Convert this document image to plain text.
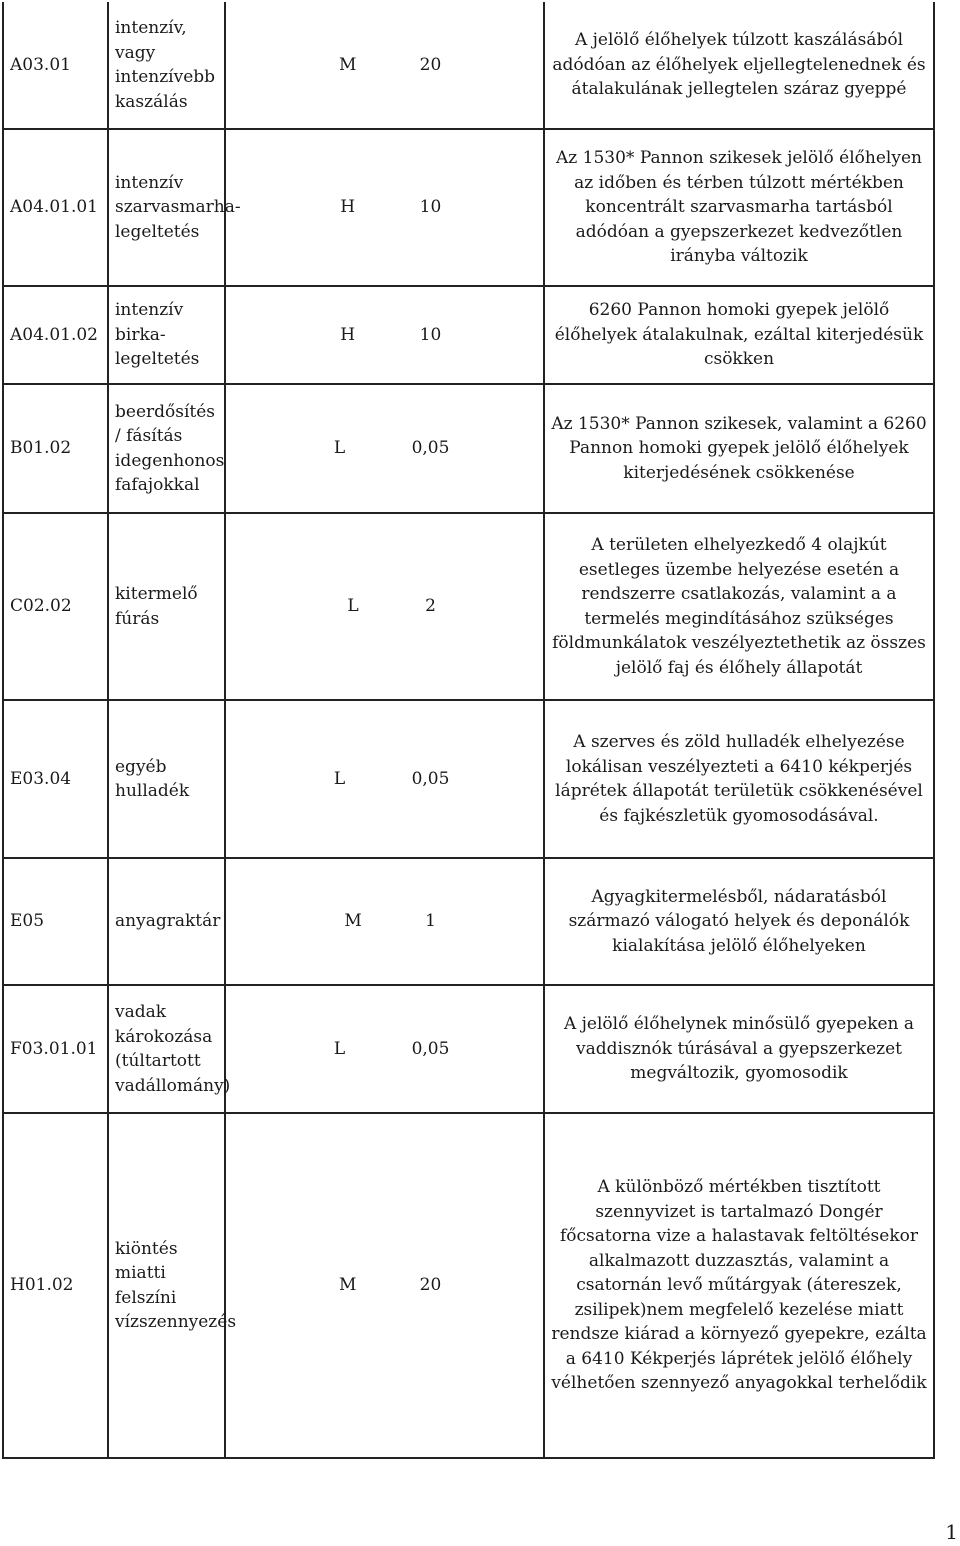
A03.01	intenzív, vagy intenzívebb kaszálás	M 20	A jelölő élőhelyek túlzott kaszálásából adódóan az élőhelyek eljellegtelenednek és átalakulának jellegtelen száraz gyeppé
A04.01.01	intenzív szarvasmarha-legeltetés	H 10	Az 1530* Pannon szikesek jelölő élőhelyen az időben és térben túlzott mértékben koncentrált szarvasmarha tartásból adódóan a gyepszerkezet kedvezőtlen irányba változik
A04.01.02	intenzív birka-legeltetés	H 10	6260 Pannon homoki gyepek jelölő élőhelyek átalakulnak, ezáltal kiterjedésük csökken
B01.02	beerdősítés / fásítás idegenhonos fafajokkal	L 0,05	Az 1530* Pannon szikesek, valamint a 6260 Pannon homoki gyepek jelölő élőhelyek kiterjedésének csökkenése
C02.02	kitermelő fúrás	L 2	A területen elhelyezkedő 4 olajkút esetleges üzembe helyezése esetén a rendszerre csatlakozás, valamint a a termelés megindításához szükséges földmunkálatok veszélyeztethetik az összes jelölő faj és élőhely állapotát
E03.04	egyéb hulladék	L 0,05	A szerves és zöld hulladék elhelyezése lokálisan veszélyezteti a 6410 kékperjés láprétek állapotát területük csökkenésével és fajkészletük gyomosodásával.
E05	anyagraktár	M 1	Agyagkitermelésből, nádaratásból származó válogató helyek és deponálók kialakítása jelölő élőhelyeken
F03.01.01	vadak károkozása (túltartott vadállomány)	L 0,05	A jelölő élőhelynek minősülő gyepeken a vaddisznók túrásával a gyepszerkezet megváltozik, gyomosodik
H01.02	kiöntés miatti felszíni vízszennyezés	M 20	A különböző mértékben tisztított szennyvizet is tartalmazó Dongér főcsatorna vize a halastavak feltöltésekor alkalmazott duzzasztás, valamint a csatornán levő műtárgyak (átereszek, zsilipek)nem megfelelő kezelése miatt rendsze kiárad a környező gyepekre, ezálta a 6410 Kékperjés láprétek jelölő élőhely vélhetően szennyező anyagokkal terhelődik
1
